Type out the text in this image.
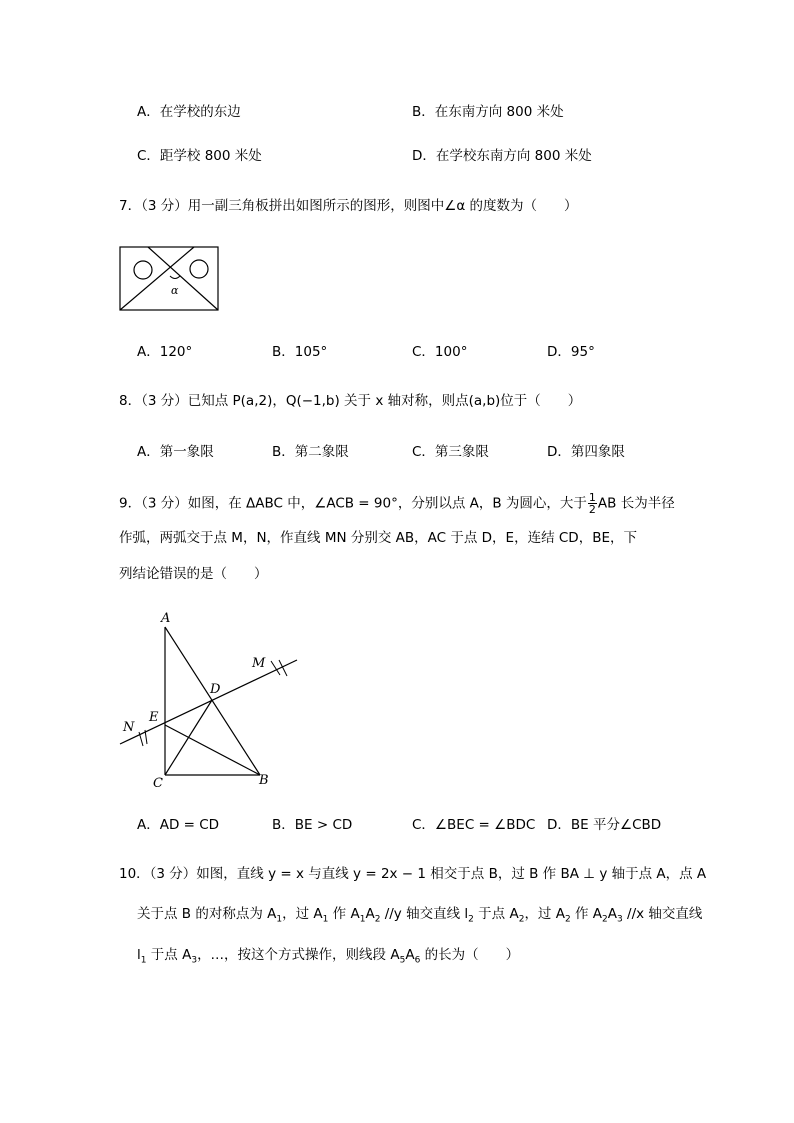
A．在学校的东边	B．在东南方向 800 米处
C．距学校 800 米处	D．在学校东南方向 800 米处
7．（3 分）用一副三角板拼出如图所示的图形，则图中∠α 的度数为（　　）
α
A．120°	B．105°	C．100°	D．95°
8．（3 分）已知点 P(a,2)，Q(−1,b) 关于 x 轴对称，则点(a,b)位于（　　）
A．第一象限	B．第二象限	C．第三象限	D．第四象限
9．（3 分）如图，在 ΔABC 中，∠ACB = 90°，分别以点 A，B 为圆心，大于 $\frac{1}{2}$ AB 长为半径
作弧，两弧交于点 M，N，作直线 MN 分别交 AB，AC 于点 D，E，连结 CD，BE，下
列结论错误的是（　　）
A
M
D
E
N
C	B
A．AD = CD	B．BE > CD	C．∠BEC = ∠BDC D．BE 平分∠CBD
10．（3 分）如图，直线 y = x 与直线 y = 2x − 1 相交于点 B，过 B 作 BA ⊥ y 轴于点 A，点 A
关于点 B 的对称点为 $A_1$，过 $A_1$ 作 $A_1A_2$ //y 轴交直线 $l_2$ 于点 $A_2$，过 $A_2$ 作 $A_2A_3$ //x 轴交直线
$l_1$ 于点 $A_3$，…，按这个方式操作，则线段 $A_5A_6$ 的长为（　　）
